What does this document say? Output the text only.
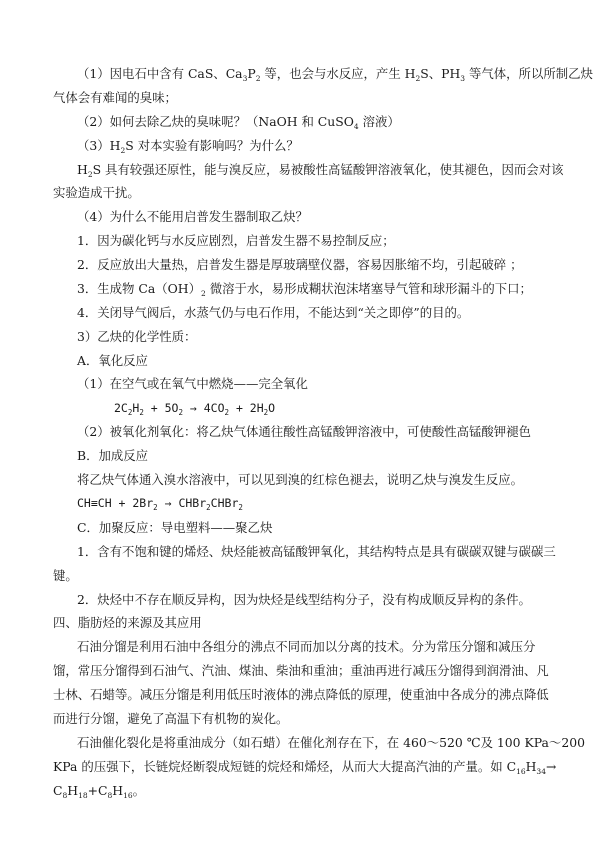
（1）因电石中含有 CaS、$Ca_3P_2$ 等，也会与水反应，产生 $H_2S$、$PH_3$ 等气体，所以所制乙炔
气体会有难闻的臭味；
（2）如何去除乙炔的臭味呢？（NaOH 和 CuSO$_4$ 溶液）
$(3)H_2S$ 对本实验有影响吗？为什么？
$H_2S$ 具有较强还原性，能与溴反应，易被酸性高锰酸钾溶液氧化，使其褪色，因而会对该
实验造成干扰。
（4）为什么不能用启普发生器制取乙炔？
1．因为碳化钙与水反应剧烈，启普发生器不易控制反应；
2．反应放出大量热，启普发生器是厚玻璃壁仪器，容易因胀缩不均，引起破碎 ；
3．生成物 $Ca(OH)_2$ 微溶于水，易形成糊状泡沫堵塞导气管和球形漏斗的下口；
4．关闭导气阀后，水蒸气仍与电石作用，不能达到“关之即停”的目的。
3）乙炔的化学性质：
A．氧化反应
（1）在空气或在氧气中燃烧——完全氧化
$2C_2H_2 + 5O_2 \to 4CO_2 + 2H_2O$
（2）被氧化剂氧化：将乙炔气体通往酸性高锰酸钾溶液中，可使酸性高锰酸钾褪色
B．加成反应
将乙炔气体通入溴水溶液中，可以见到溴的红棕色褪去，说明乙炔与溴发生反应。
$CH\equiv CH + 2Br_2$ → CHBr$_2$CHBr$_2$
C．加聚反应：导电塑料——聚乙炔
1．含有不饱和键的烯烃、炔烃能被高锰酸钾氧化，其结构特点是具有碳碳双键与碳碳三
键。
2．炔烃中不存在顺反异构，因为炔烃是线型结构分子，没有构成顺反异构的条件。
四、脂肪烃的来源及其应用
石油分馏是利用石油中各组分的沸点不同而加以分离的技术。分为常压分馏和减压分
馏，常压分馏得到石油气、汽油、煤油、柴油和重油；重油再进行减压分馏得到润滑油、凡
士林、石蜡等。减压分馏是利用低压时液体的沸点降低的原理，使重油中各成分的沸点降低
而进行分馏，避免了高温下有机物的炭化。
石油催化裂化是将重油成分（如石蜡）在催化剂存在下，在 460～520 ℃及 100 KPa～200
KPa 的压强下，长链烷烃断裂成短链的烷烃和烯烃，从而大大提高汽油的产量。如 $C_{16}H_{34}\to$
$C_8H_{18}+C_8H_{16}$。
